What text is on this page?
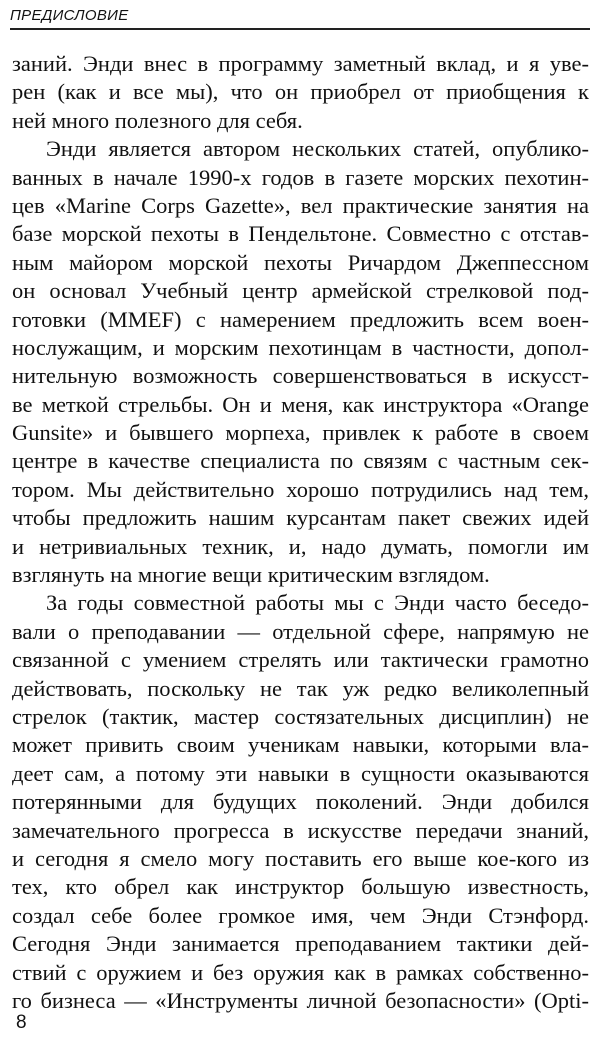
ПРЕДИСЛОВИЕ
заний. Энди внес в программу заметный вклад, и я уве-
рен (как и все мы), что он приобрел от приобщения к
ней много полезного для себя.
Энди является автором нескольких статей, опублико-
ванных в начале 1990-х годов в газете морских пехотин-
цев «Marine Corps Gazette», вел практические занятия на
базе морской пехоты в Пендельтоне. Совместно с отстав-
ным майором морской пехоты Ричардом Джеппессном
он основал Учебный центр армейской стрелковой под-
готовки (MMEF) с намерением предложить всем воен-
нослужащим, и морским пехотинцам в частности, допол-
нительную возможность совершенствоваться в искусст-
ве меткой стрельбы. Он и меня, как инструктора «Orange
Gunsite» и бывшего морпеха, привлек к работе в своем
центре в качестве специалиста по связям с частным сек-
тором. Мы действительно хорошо потрудились над тем,
чтобы предложить нашим курсантам пакет свежих идей
и нетривиальных техник, и, надо думать, помогли им
взглянуть на многие вещи критическим взглядом.
За годы совместной работы мы с Энди часто беседо-
вали о преподавании — отдельной сфере, напрямую не
связанной с умением стрелять или тактически грамотно
действовать, поскольку не так уж редко великолепный
стрелок (тактик, мастер состязательных дисциплин) не
может привить своим ученикам навыки, которыми вла-
деет сам, а потому эти навыки в сущности оказываются
потерянными для будущих поколений. Энди добился
замечательного прогресса в искусстве передачи знаний,
и сегодня я смело могу поставить его выше кое-кого из
тех, кто обрел как инструктор большую известность,
создал себе более громкое имя, чем Энди Стэнфорд.
Сегодня Энди занимается преподаванием тактики дей-
ствий с оружием и без оружия как в рамках собственно-
го бизнеса — «Инструменты личной безопасности» (Opti-
8
